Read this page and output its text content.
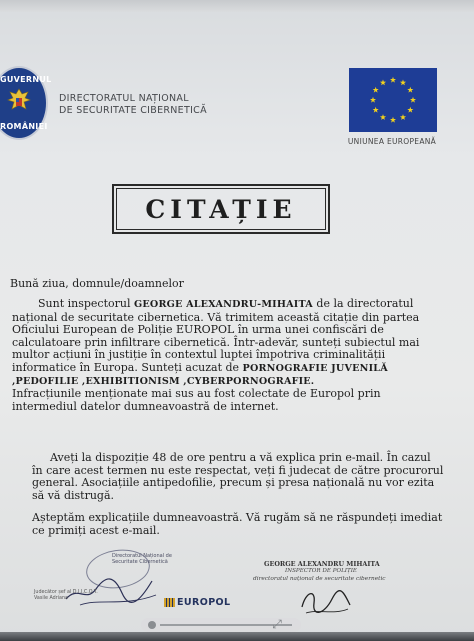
GUVERNUL
ROMÂNIEI
DIRECTORATUL NAȚIONAL
DE SECURITATE CIBERNETICĂ
UNIUNEA EUROPEANĂ
CITAȚIE
Bună ziua, domnule/doamnelor
Sunt inspectorul GEORGE ALEXANDRU-MIHAITA de la directoratul
național de securitate cibernetica. Vă trimitem această citație din partea
Oficiului European de Poliție EUROPOL în urma unei confiscări de
calculatoare prin infiltrare cibernetică. Într-adevăr, sunteți subiectul mai
multor acțiuni în justiție în contextul luptei împotriva criminalității
informatice în Europa. Sunteți acuzat de PORNOGRAFIE JUVENILĂ
,PEDOFILIE ,EXHIBITIONISM ,CYBERPORNOGRAFIE.
Infracțiunile menționate mai sus au fost colectate de Europol prin
intermediul datelor dumneavoastră de internet.
Aveți la dispoziție 48 de ore pentru a vă explica prin e-mail. În cazul
în care acest termen nu este respectat, veți fi judecat de către procurorul
general. Asociațiile antipedofilie, precum și presa națională nu vor ezita
să vă distrugă.
Așteptăm explicațiile dumneavoastră. Vă rugăm să ne răspundeți imediat
ce primiți acest e-mail.
Directoratul Național de
Securitate Cibernetică	GEORGE ALEXANDRU MIHAITA
INSPECTOR DE POLIȚIE
directoratul național de securitate cibernetic
Judecător șef al D.I.I.C.O.T.
Vasile Adriana	EUROPOL
⤢
